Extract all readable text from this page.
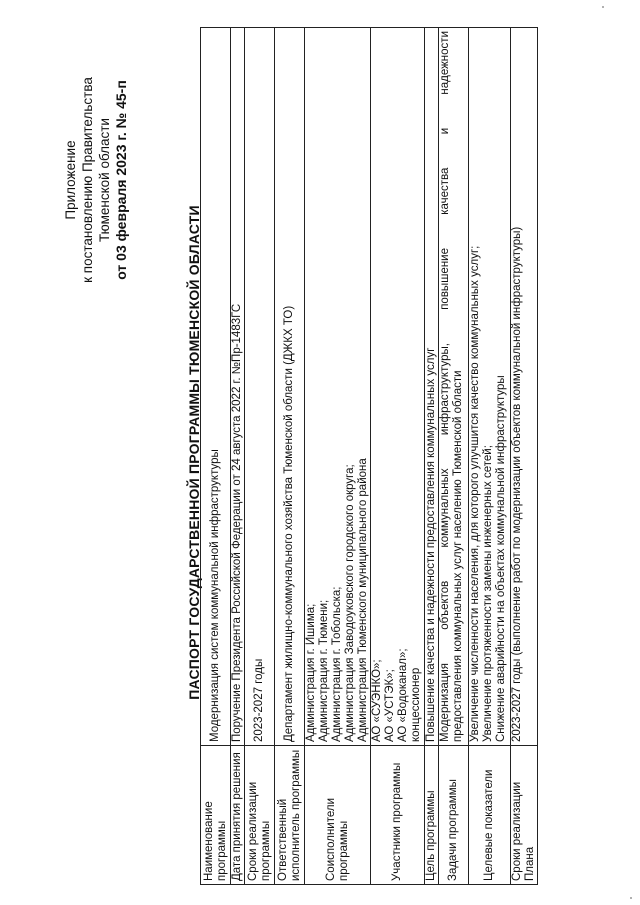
Приложение к постановлению Правительства Тюменской области от 03 февраля 2023 г. № 45-п
ПАСПОРТ ГОСУДАРСТВЕННОЙ ПРОГРАММЫ ТЮМЕНСКОЙ ОБЛАСТИ
Наименование программы	Модернизация систем коммунальной инфраструктуры

Дата принятия решения	Поручение Президента Российской Федерации от 24 августа 2022 г. №Пр-1483ГС

Сроки реализации программы	2023-2027 годы

Ответственный исполнитель программы	Департамент жилищно-коммунального хозяйства Тюменской области (ДЖКХ ТО)

Соисполнители программы	Администрация г. Ишима; Администрация г. Тюмени; Администрация г. Тобольска; Администрация Заводоуковского городского округа; Администрация Тюменского муниципального района

Участники программы	АО «СУЭНКО»; АО «УСТЭК»; АО «Водоканал»; концессионер

Цель программы	Повышение качества и надежности предоставления коммунальных услуг

Задачи программы	Модернизация объектов коммунальных инфраструктуры, повышение качества и надежности предоставления коммунальных услуг населению Тюменской области

Целевые показатели	Увеличение численности населения, для которого улучшится качество коммунальных услуг; Увеличение протяженности замены инженерных сетей; Снижение аварийности на объектах коммунальной инфраструктуры

Сроки реализации Плана	2023-2027 годы (выполнение работ по модернизации объектов коммунальной инфраструктуры)
